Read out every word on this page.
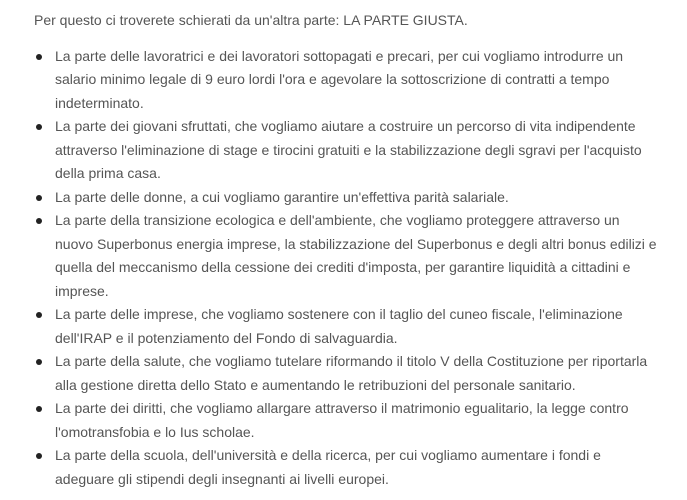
Per questo ci troverete schierati da un'altra parte: LA PARTE GIUSTA.

La parte delle lavoratrici e dei lavoratori sottopagati e precari, per cui vogliamo introdurre un salario minimo legale di 9 euro lordi l'ora e agevolare la sottoscrizione di contratti a tempo indeterminato.
La parte dei giovani sfruttati, che vogliamo aiutare a costruire un percorso di vita indipendente attraverso l'eliminazione di stage e tirocini gratuiti e la stabilizzazione degli sgravi per l'acquisto della prima casa.
La parte delle donne, a cui vogliamo garantire un'effettiva parità salariale.
La parte della transizione ecologica e dell'ambiente, che vogliamo proteggere attraverso un nuovo Superbonus energia imprese, la stabilizzazione del Superbonus e degli altri bonus edilizi e quella del meccanismo della cessione dei crediti d'imposta, per garantire liquidità a cittadini e imprese.
La parte delle imprese, che vogliamo sostenere con il taglio del cuneo fiscale, l'eliminazione dell'IRAP e il potenziamento del Fondo di salvaguardia.
La parte della salute, che vogliamo tutelare riformando il titolo V della Costituzione per riportarla alla gestione diretta dello Stato e aumentando le retribuzioni del personale sanitario.
La parte dei diritti, che vogliamo allargare attraverso il matrimonio egualitario, la legge contro l'omotransfobia e lo Ius scholae.
La parte della scuola, dell'università e della ricerca, per cui vogliamo aumentare i fondi e adeguare gli stipendi degli insegnanti ai livelli europei.
